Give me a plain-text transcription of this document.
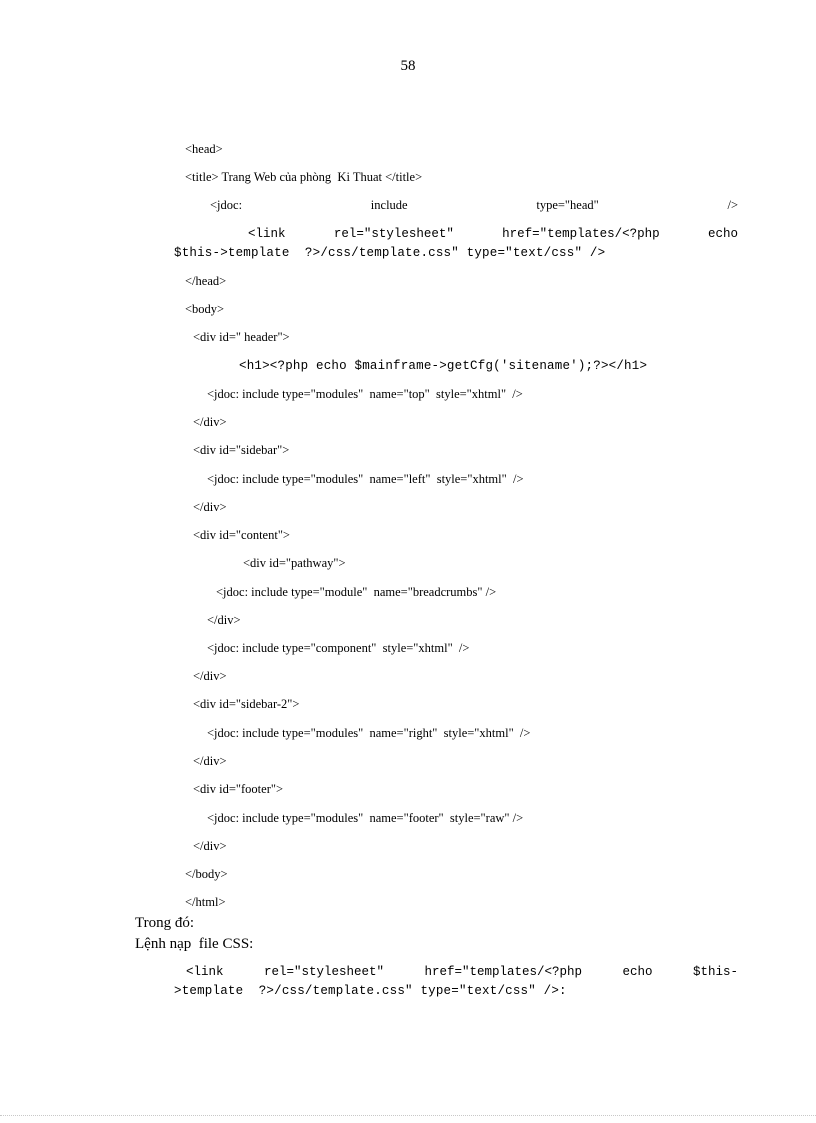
58
<head>
<title> Trang Web của phòng  Ki Thuat </title>
<jdoc:	include	type="head"	/>
<link rel="stylesheet" href="templates/<?php echo
$this->template  ?>/css/template.css" type="text/css" />
</head>
<body>
<div id=" header">
<h1><?php echo $mainframe->getCfg('sitename');?></h1>
<jdoc: include type="modules"  name="top"  style="xhtml"  />
</div>
<div id="sidebar">
<jdoc: include type="modules"  name="left"  style="xhtml"  />
</div>
<div id="content">
<div id="pathway">
<jdoc: include type="module"  name="breadcrumbs" />
</div>
<jdoc: include type="component"  style="xhtml"  />
</div>
<div id="sidebar-2">
<jdoc: include type="modules"  name="right"  style="xhtml"  />
</div>
<div id="footer">
<jdoc: include type="modules"  name="footer"  style="raw" />
</div>
</body>
</html>
Trong đó:
Lệnh nạp  file CSS:
<link rel="stylesheet" href="templates/<?php echo $this-
>template  ?>/css/template.css" type="text/css" />:
